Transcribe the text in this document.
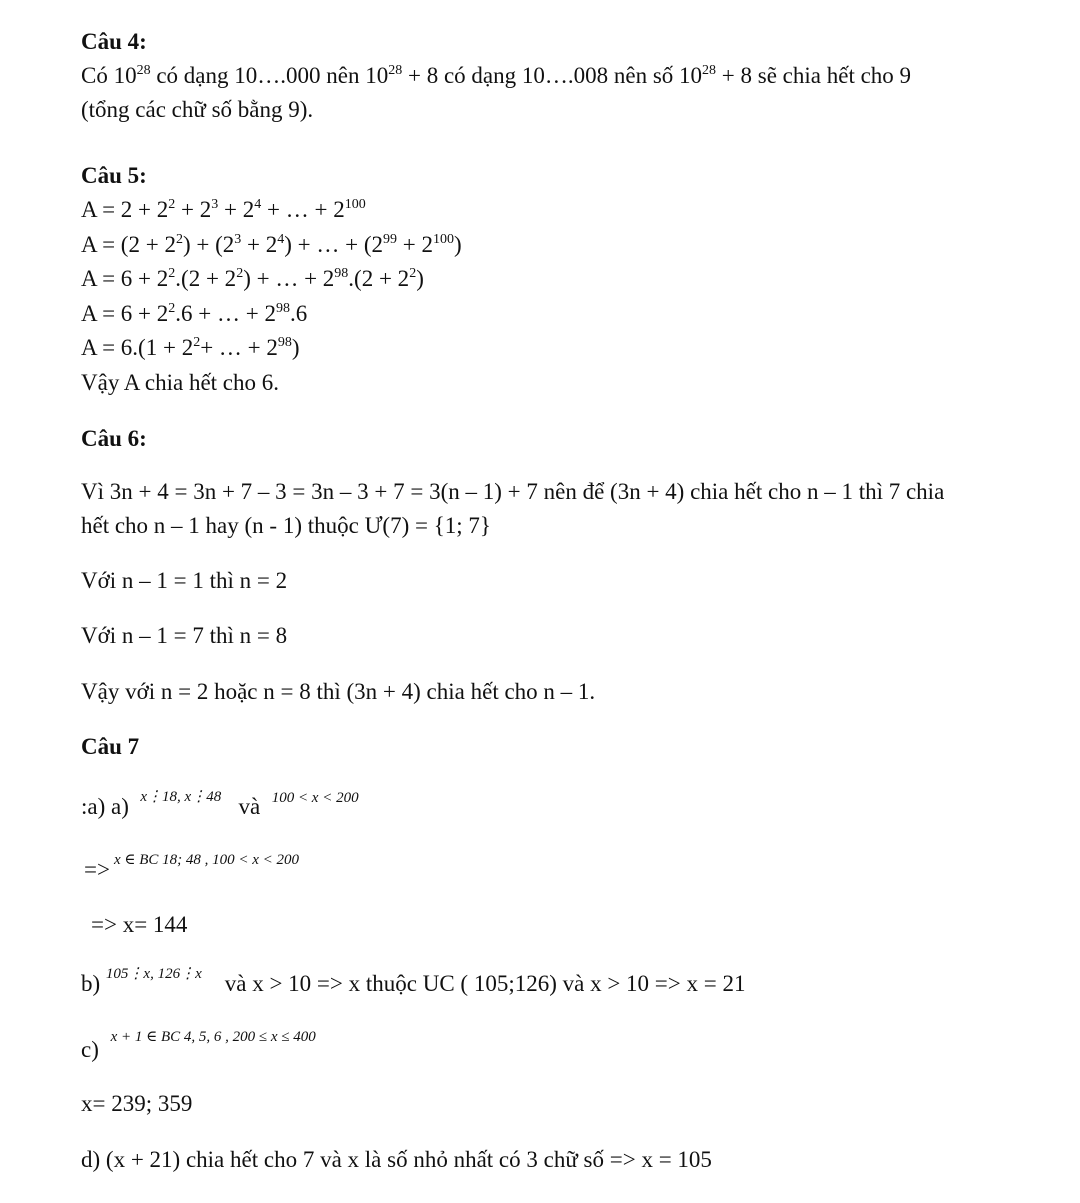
Câu 4:
Có $10^{28}$ có dạng 10….000 nên $10^{28} + 8$ có dạng 10….008 nên số $10^{28} + 8$ sẽ chia hết cho 9
(tổng các chữ số bằng 9).
Câu 5:
$A = 2 + 2^2 + 2^3 + 2^4$ + … + $2^{100}$
$A = (2 + 2^2) + (2^3 + 2^4)$ + … + $(2^{99} + 2^{100})$
$A = 6 + 2^2.(2 + 2^2)$ + … + $2^{98}.(2 + 2^2)$
$A = 6 + 2^2.6$ + … + $2^{98}.6$
$A = 6.(1 + 2^2+$ … + $2^{98}$)
Vậy A chia hết cho 6.
Câu 6:
Vì 3n + 4 = 3n + 7 – 3 = 3n – 3 + 7 = 3(n – 1) + 7 nên để (3n + 4) chia hết cho n – 1 thì 7 chia
hết cho n – 1 hay (n - 1) thuộc Ư(7) = {1; 7}
Với n – 1 = 1 thì n = 2
Với n – 1 = 7 thì n = 8
Vậy với n = 2 hoặc n = 8 thì (3n + 4) chia hết cho n – 1.
Câu 7
:a) a) $^{x⋮18, x⋮48}$ và $^{100 < x < 200}$
=> $^{x \in BC 18; 48 , 100 < x < 200}$
=> x= 144
b) $^{105⋮x, 126⋮x}$ và x > 10 => x thuộc UC ( 105;126) và x > 10 => x = 21
c) $^{x + 1 \in BC 4, 5, 6 , 200 \le x \le 400}$
x= 239; 359
d) (x + 21) chia hết cho 7 và x là số nhỏ nhất có 3 chữ số => x = 105
